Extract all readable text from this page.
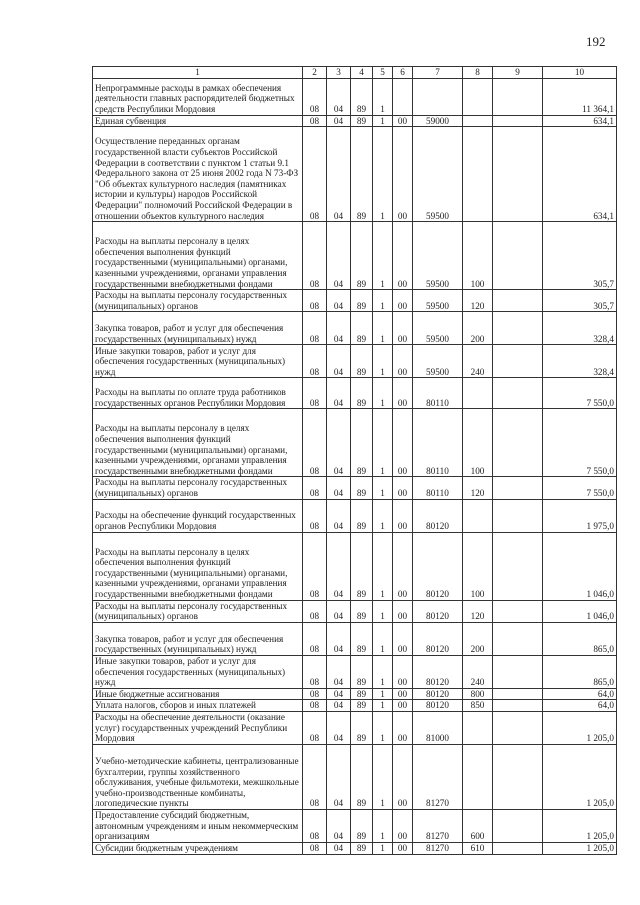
192
1	2	3	4	5	6	7	8	9	10
Непрограммные расходы в рамках обеспечения деятельности главных распорядителей бюджетных средств Республики Мордовия	08	04	89	1					11 364,1
Единая субвенция	08	04	89	1	00	59000			634,1
Осуществление переданных органам государственной власти субъектов Российской Федерации в соответствии с пунктом 1 статьи 9.1 Федерального закона от 25 июня 2002 года N 73-ФЗ "Об объектах культурного наследия (памятниках истории и культуры) народов Российской Федерации" полномочий Российской Федерации в отношении объектов культурного наследия	08	04	89	1	00	59500			634,1
Расходы на выплаты персоналу в целях обеспечения выполнения функций государственными (муниципальными) органами, казенными учреждениями, органами управления государственными внебюджетными фондами	08	04	89	1	00	59500	100		305,7
Расходы на выплаты персоналу государственных (муниципальных) органов	08	04	89	1	00	59500	120		305,7
Закупка товаров, работ и услуг для обеспечения государственных (муниципальных) нужд	08	04	89	1	00	59500	200		328,4
Иные закупки товаров, работ и услуг для обеспечения государственных (муниципальных) нужд	08	04	89	1	00	59500	240		328,4
Расходы на выплаты по оплате труда работников государственных органов Республики Мордовия	08	04	89	1	00	80110			7 550,0
Расходы на выплаты персоналу в целях обеспечения выполнения функций государственными (муниципальными) органами, казенными учреждениями, органами управления государственными внебюджетными фондами	08	04	89	1	00	80110	100		7 550,0
Расходы на выплаты персоналу государственных (муниципальных) органов	08	04	89	1	00	80110	120		7 550,0
Расходы на обеспечение функций государственных органов Республики Мордовия	08	04	89	1	00	80120			1 975,0
Расходы на выплаты персоналу в целях обеспечения выполнения функций государственными (муниципальными) органами, казенными учреждениями, органами управления государственными внебюджетными фондами	08	04	89	1	00	80120	100		1 046,0
Расходы на выплаты персоналу государственных (муниципальных) органов	08	04	89	1	00	80120	120		1 046,0
Закупка товаров, работ и услуг для обеспечения государственных (муниципальных) нужд	08	04	89	1	00	80120	200		865,0
Иные закупки товаров, работ и услуг для обеспечения государственных (муниципальных) нужд	08	04	89	1	00	80120	240		865,0
Иные бюджетные ассигнования	08	04	89	1	00	80120	800		64,0
Уплата налогов, сборов и иных платежей	08	04	89	1	00	80120	850		64,0
Расходы на обеспечение деятельности (оказание услуг) государственных учреждений Республики Мордовия	08	04	89	1	00	81000			1 205,0
Учебно-методические кабинеты, централизованные бухгалтерии, группы хозяйственного обслуживания, учебные фильмотеки, межшкольные учебно-производственные комбинаты, логопедические пункты	08	04	89	1	00	81270			1 205,0
Предоставление субсидий бюджетным, автономным учреждениям и иным некоммерческим организациям	08	04	89	1	00	81270	600		1 205,0
Субсидии бюджетным учреждениям	08	04	89	1	00	81270	610		1 205,0
